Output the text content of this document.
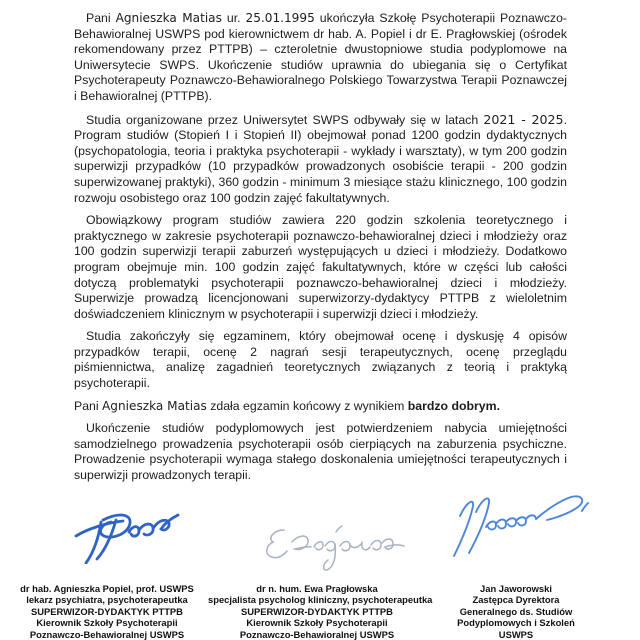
Pani Agnieszka Matias ur. 25.01.1995 ukończyła Szkołę Psychoterapii Poznawczo-Behawioralnej USWPS pod kierownictwem dr hab. A. Popiel i dr E. Pragłowskiej (ośrodek rekomendowany przez PTTPB) – czteroletnie dwustopniowe studia podyplomowe na Uniwersytecie SWPS. Ukończenie studiów uprawnia do ubiegania się o Certyfikat Psychoterapeuty Poznawczo-Behawioralnego Polskiego Towarzystwa Terapii Poznawczej i Behawioralnej (PTTPB).

Studia organizowane przez Uniwersytet SWPS odbywały się w latach 2021 - 2025. Program studiów (Stopień I i Stopień II) obejmował ponad 1200 godzin dydaktycznych (psychopatologia, teoria i praktyka psychoterapii - wykłady i warsztaty), w tym 200 godzin superwizji przypadków (10 przypadków prowadzonych osobiście terapii - 200 godzin superwizowanej praktyki), 360 godzin - minimum 3 miesiące stażu klinicznego, 100 godzin rozwoju osobistego oraz 100 godzin zajęć fakultatywnych.

Obowiązkowy program studiów zawiera 220 godzin szkolenia teoretycznego i praktycznego w zakresie psychoterapii poznawczo-behawioralnej dzieci i młodzieży oraz 100 godzin superwizji terapii zaburzeń występujących u dzieci i młodzieży. Dodatkowo program obejmuje min. 100 godzin zajęć fakultatywnych, które w części lub całości dotyczą problematyki psychoterapii poznawczo-behawioralnej dzieci i młodzieży. Superwizje prowadzą licencjonowani superwizorzy-dydaktycy PTTPB z wieloletnim doświadczeniem klinicznym w psychoterapii i superwizji dzieci i młodzieży.

Studia zakończyły się egzaminem, który obejmował ocenę i dyskusję 4 opisów przypadków terapii, ocenę 2 nagrań sesji terapeutycznych, ocenę przeglądu piśmiennictwa, analizę zagadnień teoretycznych związanych z teorią i praktyką psychoterapii.

Pani Agnieszka Matias zdała egzamin końcowy z wynikiem bardzo dobrym.

Ukończenie studiów podyplomowych jest potwierdzeniem nabycia umiejętności samodzielnego prowadzenia psychoterapii osób cierpiących na zaburzenia psychiczne. Prowadzenie psychoterapii wymaga stałego doskonalenia umiejętności terapeutycznych i superwizji prowadzonych terapii.

dr hab. Agnieszka Popiel, prof. USWPS
lekarz psychiatra, psychoterapeutka
SUPERWIZOR-DYDAKTYK PTTPB
Kierownik Szkoły Psychoterapii
Poznawczo-Behawioralnej USWPS
dr n. hum. Ewa Pragłowska
specjalista psycholog kliniczny, psychoterapeutka
SUPERWIZOR-DYDAKTYK PTTPB
Kierownik Szkoły Psychoterapii
Poznawczo-Behawioralnej USWPS
Jan Jaworowski
Zastępca Dyrektora
Generalnego ds. Studiów
Podyplomowych i Szkoleń
USWPS
